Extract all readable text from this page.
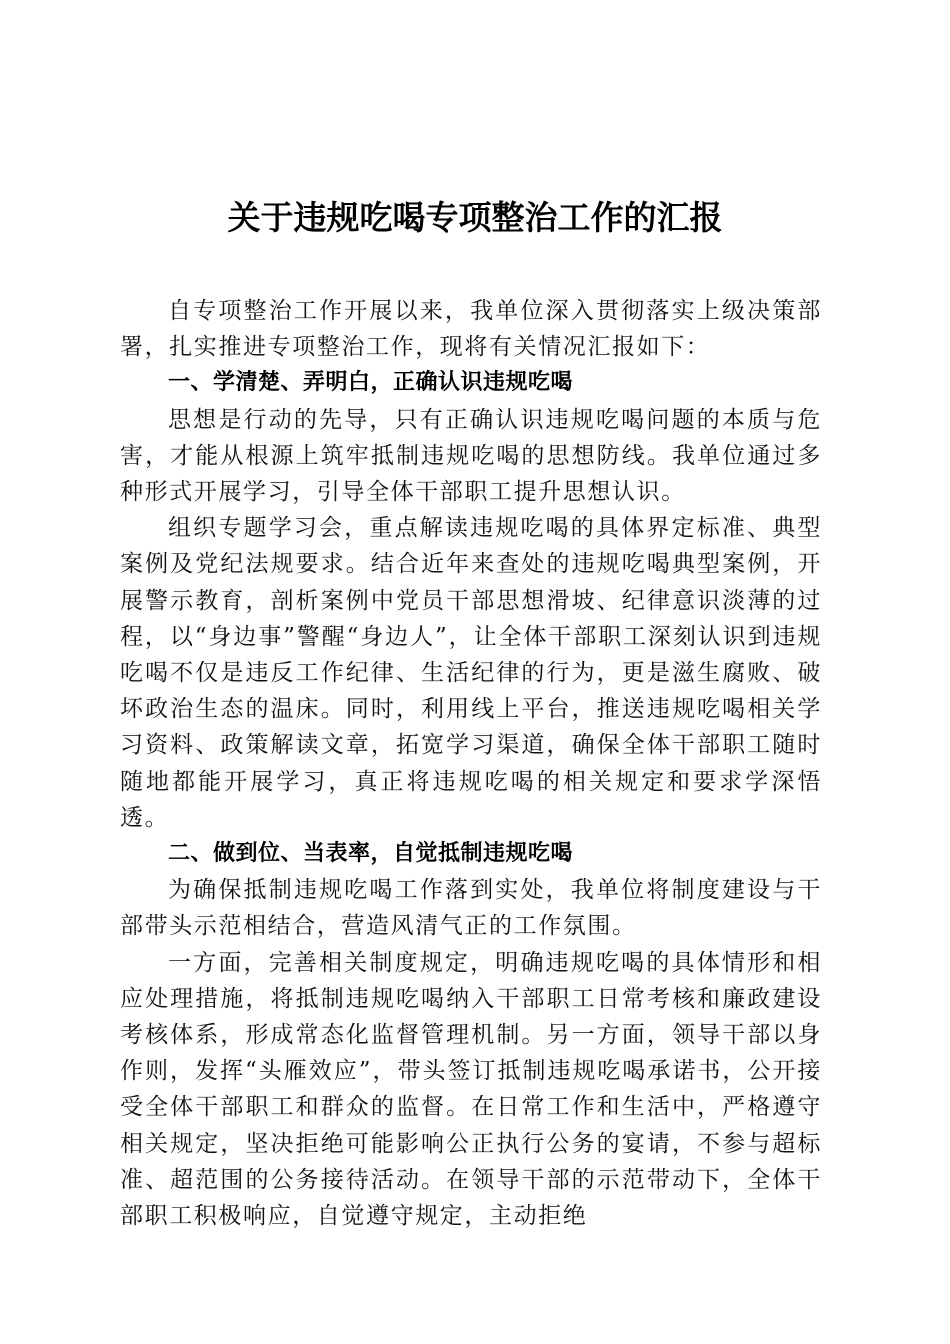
关于违规吃喝专项整治工作的汇报

自专项整治工作开展以来，我单位深入贯彻落实上级决策部署，扎实推进专项整治工作，现将有关情况汇报如下：

一、学清楚、弄明白，正确认识违规吃喝

思想是行动的先导，只有正确认识违规吃喝问题的本质与危害，才能从根源上筑牢抵制违规吃喝的思想防线。我单位通过多种形式开展学习，引导全体干部职工提升思想认识。

组织专题学习会，重点解读违规吃喝的具体界定标准、典型案例及党纪法规要求。结合近年来查处的违规吃喝典型案例，开展警示教育，剖析案例中党员干部思想滑坡、纪律意识淡薄的过程，以“身边事”警醒“身边人”，让全体干部职工深刻认识到违规吃喝不仅是违反工作纪律、生活纪律的行为，更是滋生腐败、破坏政治生态的温床。同时，利用线上平台，推送违规吃喝相关学习资料、政策解读文章，拓宽学习渠道，确保全体干部职工随时随地都能开展学习，真正将违规吃喝的相关规定和要求学深悟透。

二、做到位、当表率，自觉抵制违规吃喝

为确保抵制违规吃喝工作落到实处，我单位将制度建设与干部带头示范相结合，营造风清气正的工作氛围。

一方面，完善相关制度规定，明确违规吃喝的具体情形和相应处理措施，将抵制违规吃喝纳入干部职工日常考核和廉政建设考核体系，形成常态化监督管理机制。另一方面，领导干部以身作则，发挥“头雁效应”，带头签订抵制违规吃喝承诺书，公开接受全体干部职工和群众的监督。在日常工作和生活中，严格遵守相关规定，坚决拒绝可能影响公正执行公务的宴请，不参与超标准、超范围的公务接待活动。在领导干部的示范带动下，全体干部职工积极响应，自觉遵守规定，主动拒绝
